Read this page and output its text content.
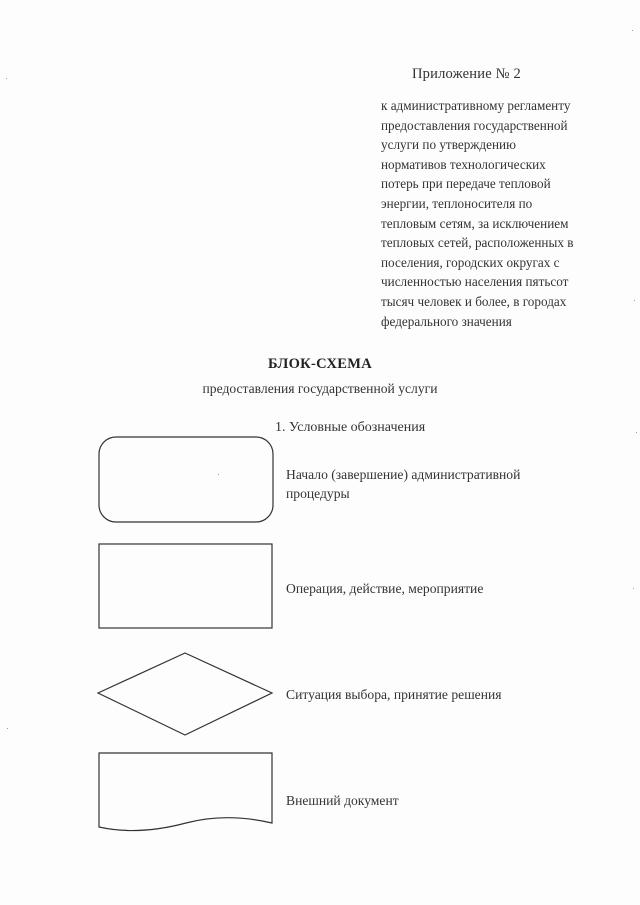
Приложение № 2
к административному регламенту
предоставления государственной
услуги по утверждению
нормативов технологических
потерь при передаче тепловой
энергии, теплоносителя по
тепловым сетям, за исключением
тепловых сетей, расположенных в
поселения, городских округах с
численностью населения пятьсот
тысяч человек и более, в городах
федерального значения
БЛОК-СХЕМА
предоставления государственной услуги
1. Условные обозначения
Начало (завершение) административной
процедуры
Операция, действие, мероприятие
Ситуация выбора, принятие решения
Внешний документ
